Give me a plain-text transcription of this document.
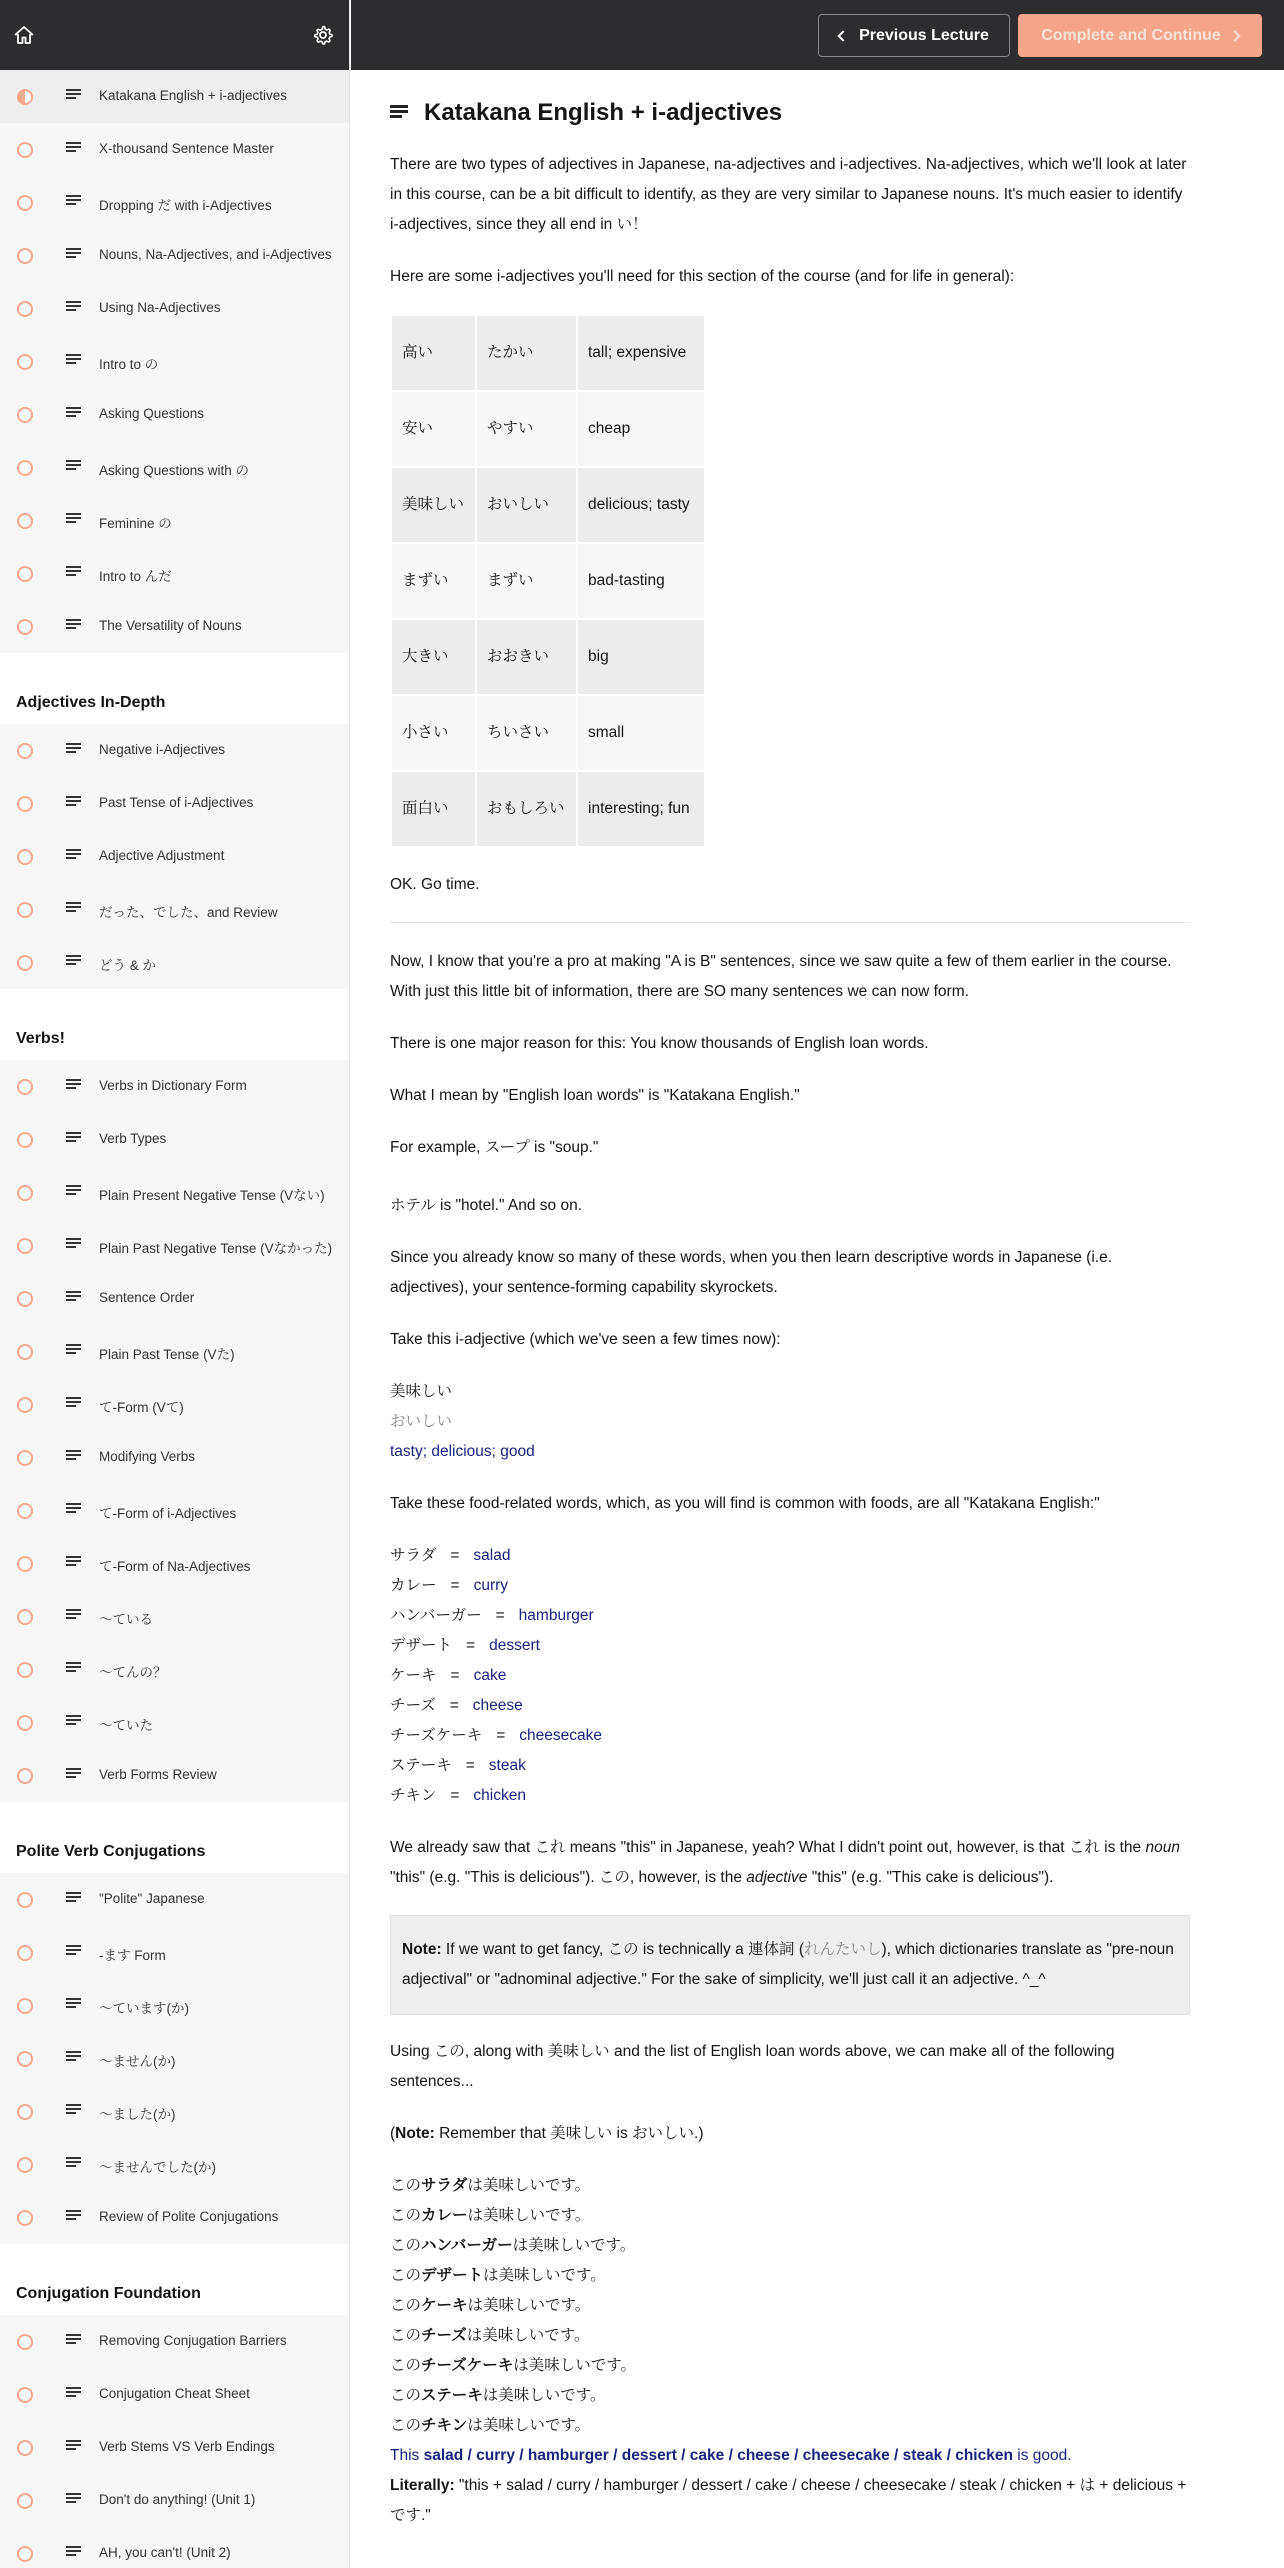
Katakana English + i-adjectives
X-thousand Sentence Master
Dropping だ with i-Adjectives
Nouns, Na-Adjectives, and i-Adjectives
Using Na-Adjectives
Intro to の
Asking Questions
Asking Questions with の
Feminine の
Intro to んだ
The Versatility of Nouns
Adjectives In-Depth
Negative i-Adjectives
Past Tense of i-Adjectives
Adjective Adjustment
だった、でした、and Review
どう & か
Verbs!
Verbs in Dictionary Form
Verb Types
Plain Present Negative Tense (Vない)
Plain Past Negative Tense (Vなかった)
Sentence Order
Plain Past Tense (Vた)
て-Form (Vて)
Modifying Verbs
て-Form of i-Adjectives
て-Form of Na-Adjectives
～ている
～てんの？
～ていた
Verb Forms Review
Polite Verb Conjugations
"Polite" Japanese
-ます Form
～ています(か)
～ません(か)
～ました(か)
～ませんでした(か)
Review of Polite Conjugations
Conjugation Foundation
Removing Conjugation Barriers
Conjugation Cheat Sheet
Verb Stems VS Verb Endings
Don't do anything! (Unit 1)
AH, you can't! (Unit 2)
Previous Lecture	Complete and Continue
Katakana English + i-adjectives

There are two types of adjectives in Japanese, na-adjectives and i-adjectives. Na-adjectives, which we'll look at later in this course, can be a bit difficult to identify, as they are very similar to Japanese nouns. It's much easier to identify i-adjectives, since they all end in い！

Here are some i-adjectives you'll need for this section of the course (and for life in general):

高い	たかい	tall; expensive
安い	やすい	cheap
美味しい	おいしい	delicious; tasty
まずい	まずい	bad-tasting
大きい	おおきい	big
小さい	ちいさい	small
面白い	おもしろい	interesting; fun

OK. Go time.

Now, I know that you're a pro at making "A is B" sentences, since we saw quite a few of them earlier in the course. With just this little bit of information, there are SO many sentences we can now form.

There is one major reason for this: You know thousands of English loan words.

What I mean by "English loan words" is "Katakana English."

For example, スープ is "soup."

ホテル is "hotel." And so on.

Since you already know so many of these words, when you then learn descriptive words in Japanese (i.e. adjectives), your sentence-forming capability skyrockets.

Take this i-adjective (which we've seen a few times now):

美味しい
おいしい
tasty; delicious; good

Take these food-related words, which, as you will find is common with foods, are all "Katakana English:"

サラダ = salad
カレー = curry
ハンバーガー = hamburger
デザート = dessert
ケーキ = cake
チーズ = cheese
チーズケーキ = cheesecake
ステーキ = steak
チキン = chicken

We already saw that これ means "this" in Japanese, yeah? What I didn't point out, however, is that これ is the noun "this" (e.g. "This is delicious"). この, however, is the adjective "this" (e.g. "This cake is delicious").

Note: If we want to get fancy, この is technically a 連体詞 (れんたいし), which dictionaries translate as "pre-noun adjectival" or "adnominal adjective." For the sake of simplicity, we'll just call it an adjective. ^_^

Using この, along with 美味しい and the list of English loan words above, we can make all of the following sentences...

(Note: Remember that 美味しい is おいしい.)

このサラダは美味しいです。
このカレーは美味しいです。
このハンバーガーは美味しいです。
このデザートは美味しいです。
このケーキは美味しいです。
このチーズは美味しいです。
このチーズケーキは美味しいです。
このステーキは美味しいです。
このチキンは美味しいです。
This salad / curry / hamburger / dessert / cake / cheese / cheesecake / steak / chicken is good.
Literally: "this + salad / curry / hamburger / dessert / cake / cheese / cheesecake / steak / chicken + は + delicious + です."
